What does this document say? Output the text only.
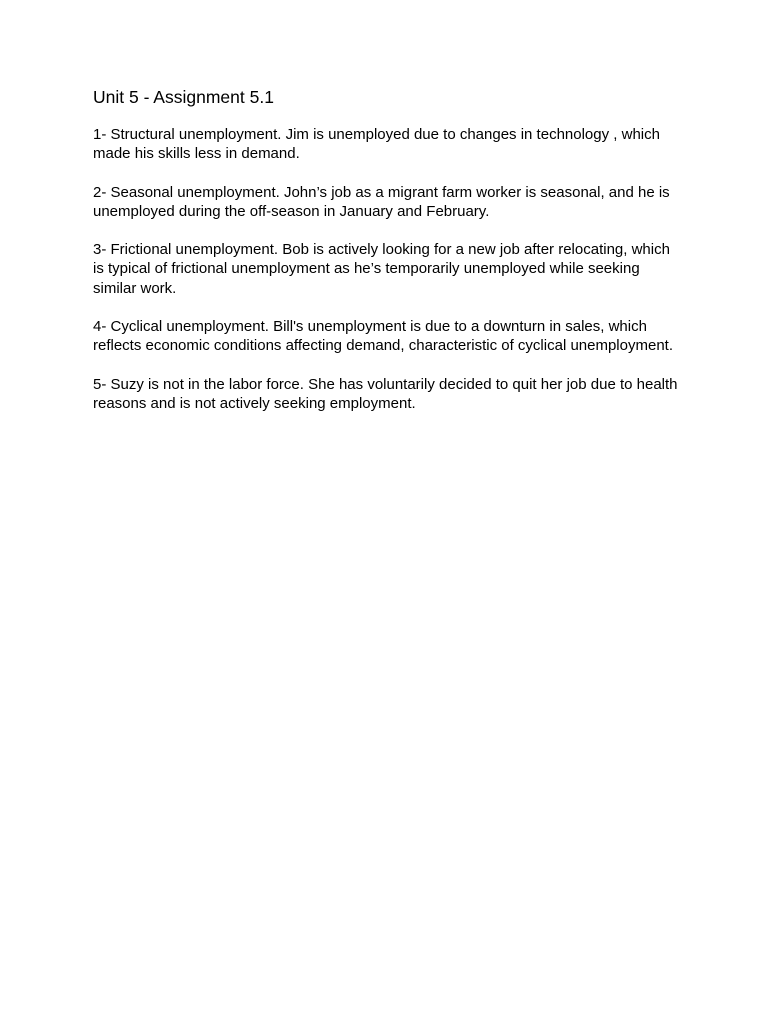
Unit 5 - Assignment 5.1

1- Structural unemployment. Jim is unemployed due to changes in technology , which made his skills less in demand.

2- Seasonal unemployment. John’s job as a migrant farm worker is seasonal, and he is unemployed during the off-season in January and February.

3- Frictional unemployment. Bob is actively looking for a new job after relocating, which is typical of frictional unemployment as he’s temporarily unemployed while seeking similar work.

4- Cyclical unemployment. Bill's unemployment is due to a downturn in sales, which reflects economic conditions affecting demand, characteristic of cyclical unemployment.

5- Suzy is not in the labor force. She has voluntarily decided to quit her job due to health reasons and is not actively seeking employment.
